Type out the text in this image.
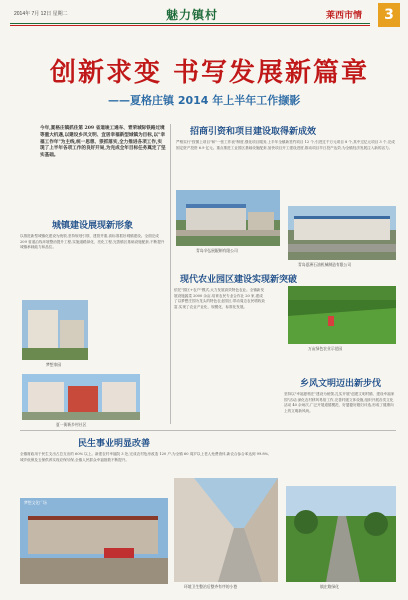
2014年 7月 12日 星期二	魅力镇村	莱西市情	3
创新求变 书写发展新篇章
——夏格庄镇 2014 年上半年工作撷影
今年,夏格庄镇抓住第 209 省道竣工通车、青荣城际铁路过境等重大机遇,以建设乡风文明、宜居幸福新型城镇为目标,以"幸福工作年"为主线,统一思想、狠抓落实,全力推进各项工作,实现了上半年各项工作的良好开局,为完成全年目标任务奠定了坚实基础。
城镇建设展现新形象
以推进新型城镇化建设为统领,坚持规划引领、建管并重,高标准抓好城镇建设。全面完成 209 省道沿线环境整治提升工程,实施道路绿化、亮化工程,完善镇区基础设施配套,不断提升城镇承载能力和品位。
招商引资和项目建设取得新成效
严格实行"按图上项目"和"一张工作表"制度,强化项目服务,上半年全镇新签约项目 12 个,引进过千万元项目 8 个,其中过亿元项目 3 个,完成固定资产投资 6.9 亿元。重点推进工业园区基础设施配套,加快项目开工建设进度,推动项目早日投产达效,为全镇经济发展注入新的活力。
青岛辛弘展辊制有限公司
青岛夏洲石油机械制造有限公司
梦想家园
夏一街新乡村社区
现代农业园区建设实现新突破
依托"园区+农户"模式,大力发展高效特色农业。全镇新发展设施蔬菜 2000 余亩,培育农民专业合作社 20 家,建成了以梦想庄园为龙头的特色农业园区,带动周边农民增收致富,实现了农业产业化、规模化、标准化发展。
万亩绿色农业示范园
乡风文明迈出新步伐
坚持以"幸福夏格庄"建设为统领,扎实开展"创建文明村镇、建设幸福家园"活动,深化农村移风易俗工作,完善村级文体设施,组织开展各类文化活动 40 余场次,广泛开展道德模范、好婆婆好媳妇评选,形成了健康向上的文明新风尚。
民生事业明显改善
全镇财政用于民生支出占总支出的 60% 以上。新建农村幸福院 3 处,完成农村危房改造 120 户,为全镇 60 周岁以上老人免费查体,新农合参合率达到 99.8%,城乡低保及五保供养实现应保尽保,全镇人民群众幸福指数不断提升。
梦想文化广场
环境卫生整治后整齐有序的小巷	镇庄路绿化
